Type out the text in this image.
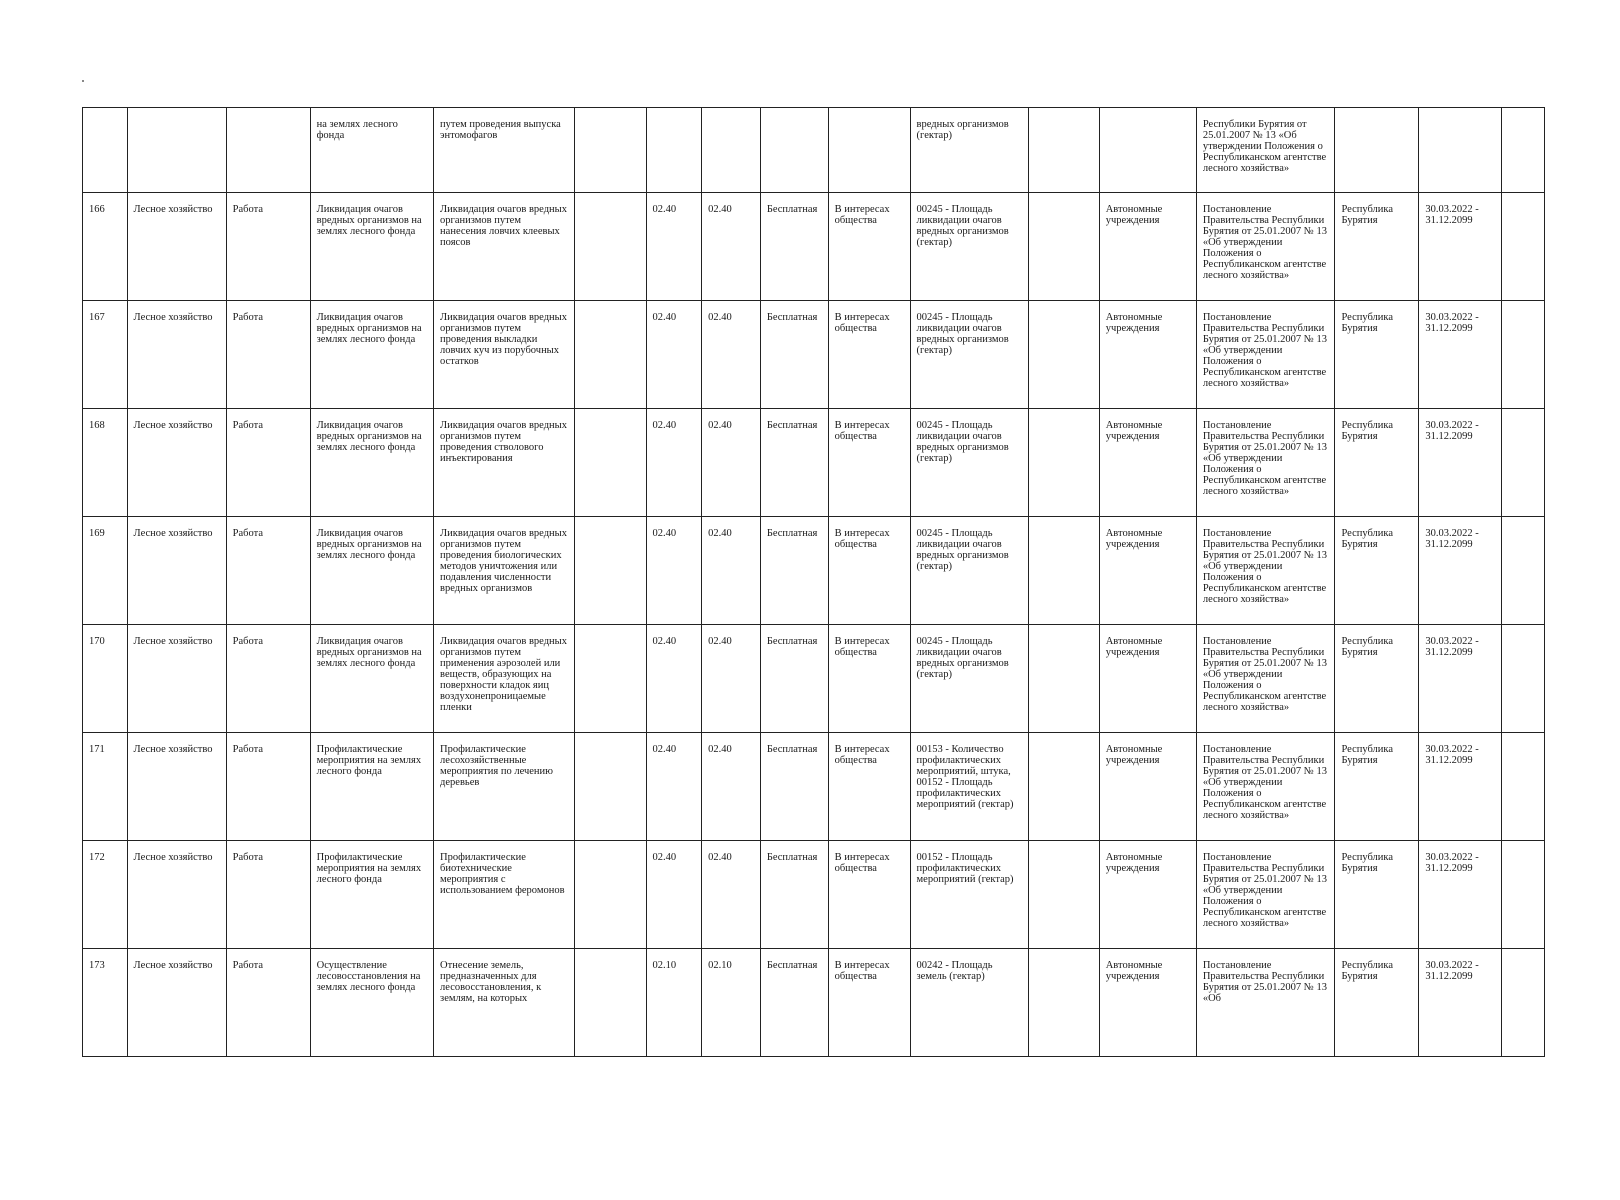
			на землях лесного фонда	путем проведения выпуска энтомофагов						вредных организмов (гектар)			Республики Бурятия от 25.01.2007 № 13 «Об утверждении Положения о Республиканском агентстве лесного хозяйства»			
166	Лесное хозяйство	Работа	Ликвидация очагов вредных организмов на землях лесного фонда	Ликвидация очагов вредных организмов путем нанесения ловчих клеевых поясов		02.40	02.40	Бесплатная	В интересах общества	00245 - Площадь ликвидации очагов вредных организмов (гектар)		Автономные учреждения	Постановление Правительства Республики Бурятия от 25.01.2007 № 13 «Об утверждении Положения о Республиканском агентстве лесного хозяйства»	Республика Бурятия	30.03.2022 - 31.12.2099	
167	Лесное хозяйство	Работа	Ликвидация очагов вредных организмов на землях лесного фонда	Ликвидация очагов вредных организмов путем проведения выкладки ловчих куч из порубочных остатков		02.40	02.40	Бесплатная	В интересах общества	00245 - Площадь ликвидации очагов вредных организмов (гектар)		Автономные учреждения	Постановление Правительства Республики Бурятия от 25.01.2007 № 13 «Об утверждении Положения о Республиканском агентстве лесного хозяйства»	Республика Бурятия	30.03.2022 - 31.12.2099	
168	Лесное хозяйство	Работа	Ликвидация очагов вредных организмов на землях лесного фонда	Ликвидация очагов вредных организмов путем проведения стволового инъектирования		02.40	02.40	Бесплатная	В интересах общества	00245 - Площадь ликвидации очагов вредных организмов (гектар)		Автономные учреждения	Постановление Правительства Республики Бурятия от 25.01.2007 № 13 «Об утверждении Положения о Республиканском агентстве лесного хозяйства»	Республика Бурятия	30.03.2022 - 31.12.2099	
169	Лесное хозяйство	Работа	Ликвидация очагов вредных организмов на землях лесного фонда	Ликвидация очагов вредных организмов путем проведения биологических методов уничтожения или подавления численности вредных организмов		02.40	02.40	Бесплатная	В интересах общества	00245 - Площадь ликвидации очагов вредных организмов (гектар)		Автономные учреждения	Постановление Правительства Республики Бурятия от 25.01.2007 № 13 «Об утверждении Положения о Республиканском агентстве лесного хозяйства»	Республика Бурятия	30.03.2022 - 31.12.2099	
170	Лесное хозяйство	Работа	Ликвидация очагов вредных организмов на землях лесного фонда	Ликвидация очагов вредных организмов путем применения аэрозолей или веществ, образующих на поверхности кладок яиц воздухонепроницаемые пленки		02.40	02.40	Бесплатная	В интересах общества	00245 - Площадь ликвидации очагов вредных организмов (гектар)		Автономные учреждения	Постановление Правительства Республики Бурятия от 25.01.2007 № 13 «Об утверждении Положения о Республиканском агентстве лесного хозяйства»	Республика Бурятия	30.03.2022 - 31.12.2099	
171	Лесное хозяйство	Работа	Профилактические мероприятия на землях лесного фонда	Профилактические лесохозяйственные мероприятия по лечению деревьев		02.40	02.40	Бесплатная	В интересах общества	00153 - Количество профилактических мероприятий, штука, 00152 - Площадь профилактических мероприятий (гектар)		Автономные учреждения	Постановление Правительства Республики Бурятия от 25.01.2007 № 13 «Об утверждении Положения о Республиканском агентстве лесного хозяйства»	Республика Бурятия	30.03.2022 - 31.12.2099	
172	Лесное хозяйство	Работа	Профилактические мероприятия на землях лесного фонда	Профилактические биотехнические мероприятия с использованием феромонов		02.40	02.40	Бесплатная	В интересах общества	00152 - Площадь профилактических мероприятий (гектар)		Автономные учреждения	Постановление Правительства Республики Бурятия от 25.01.2007 № 13 «Об утверждении Положения о Республиканском агентстве лесного хозяйства»	Республика Бурятия	30.03.2022 - 31.12.2099	
173	Лесное хозяйство	Работа	Осуществление лесовосстановления на землях лесного фонда	Отнесение земель, предназначенных для лесовосстановления, к землям, на которых		02.10	02.10	Бесплатная	В интересах общества	00242 - Площадь земель (гектар)		Автономные учреждения	Постановление Правительства Республики Бурятия от 25.01.2007 № 13 «Об	Республика Бурятия	30.03.2022 - 31.12.2099	
